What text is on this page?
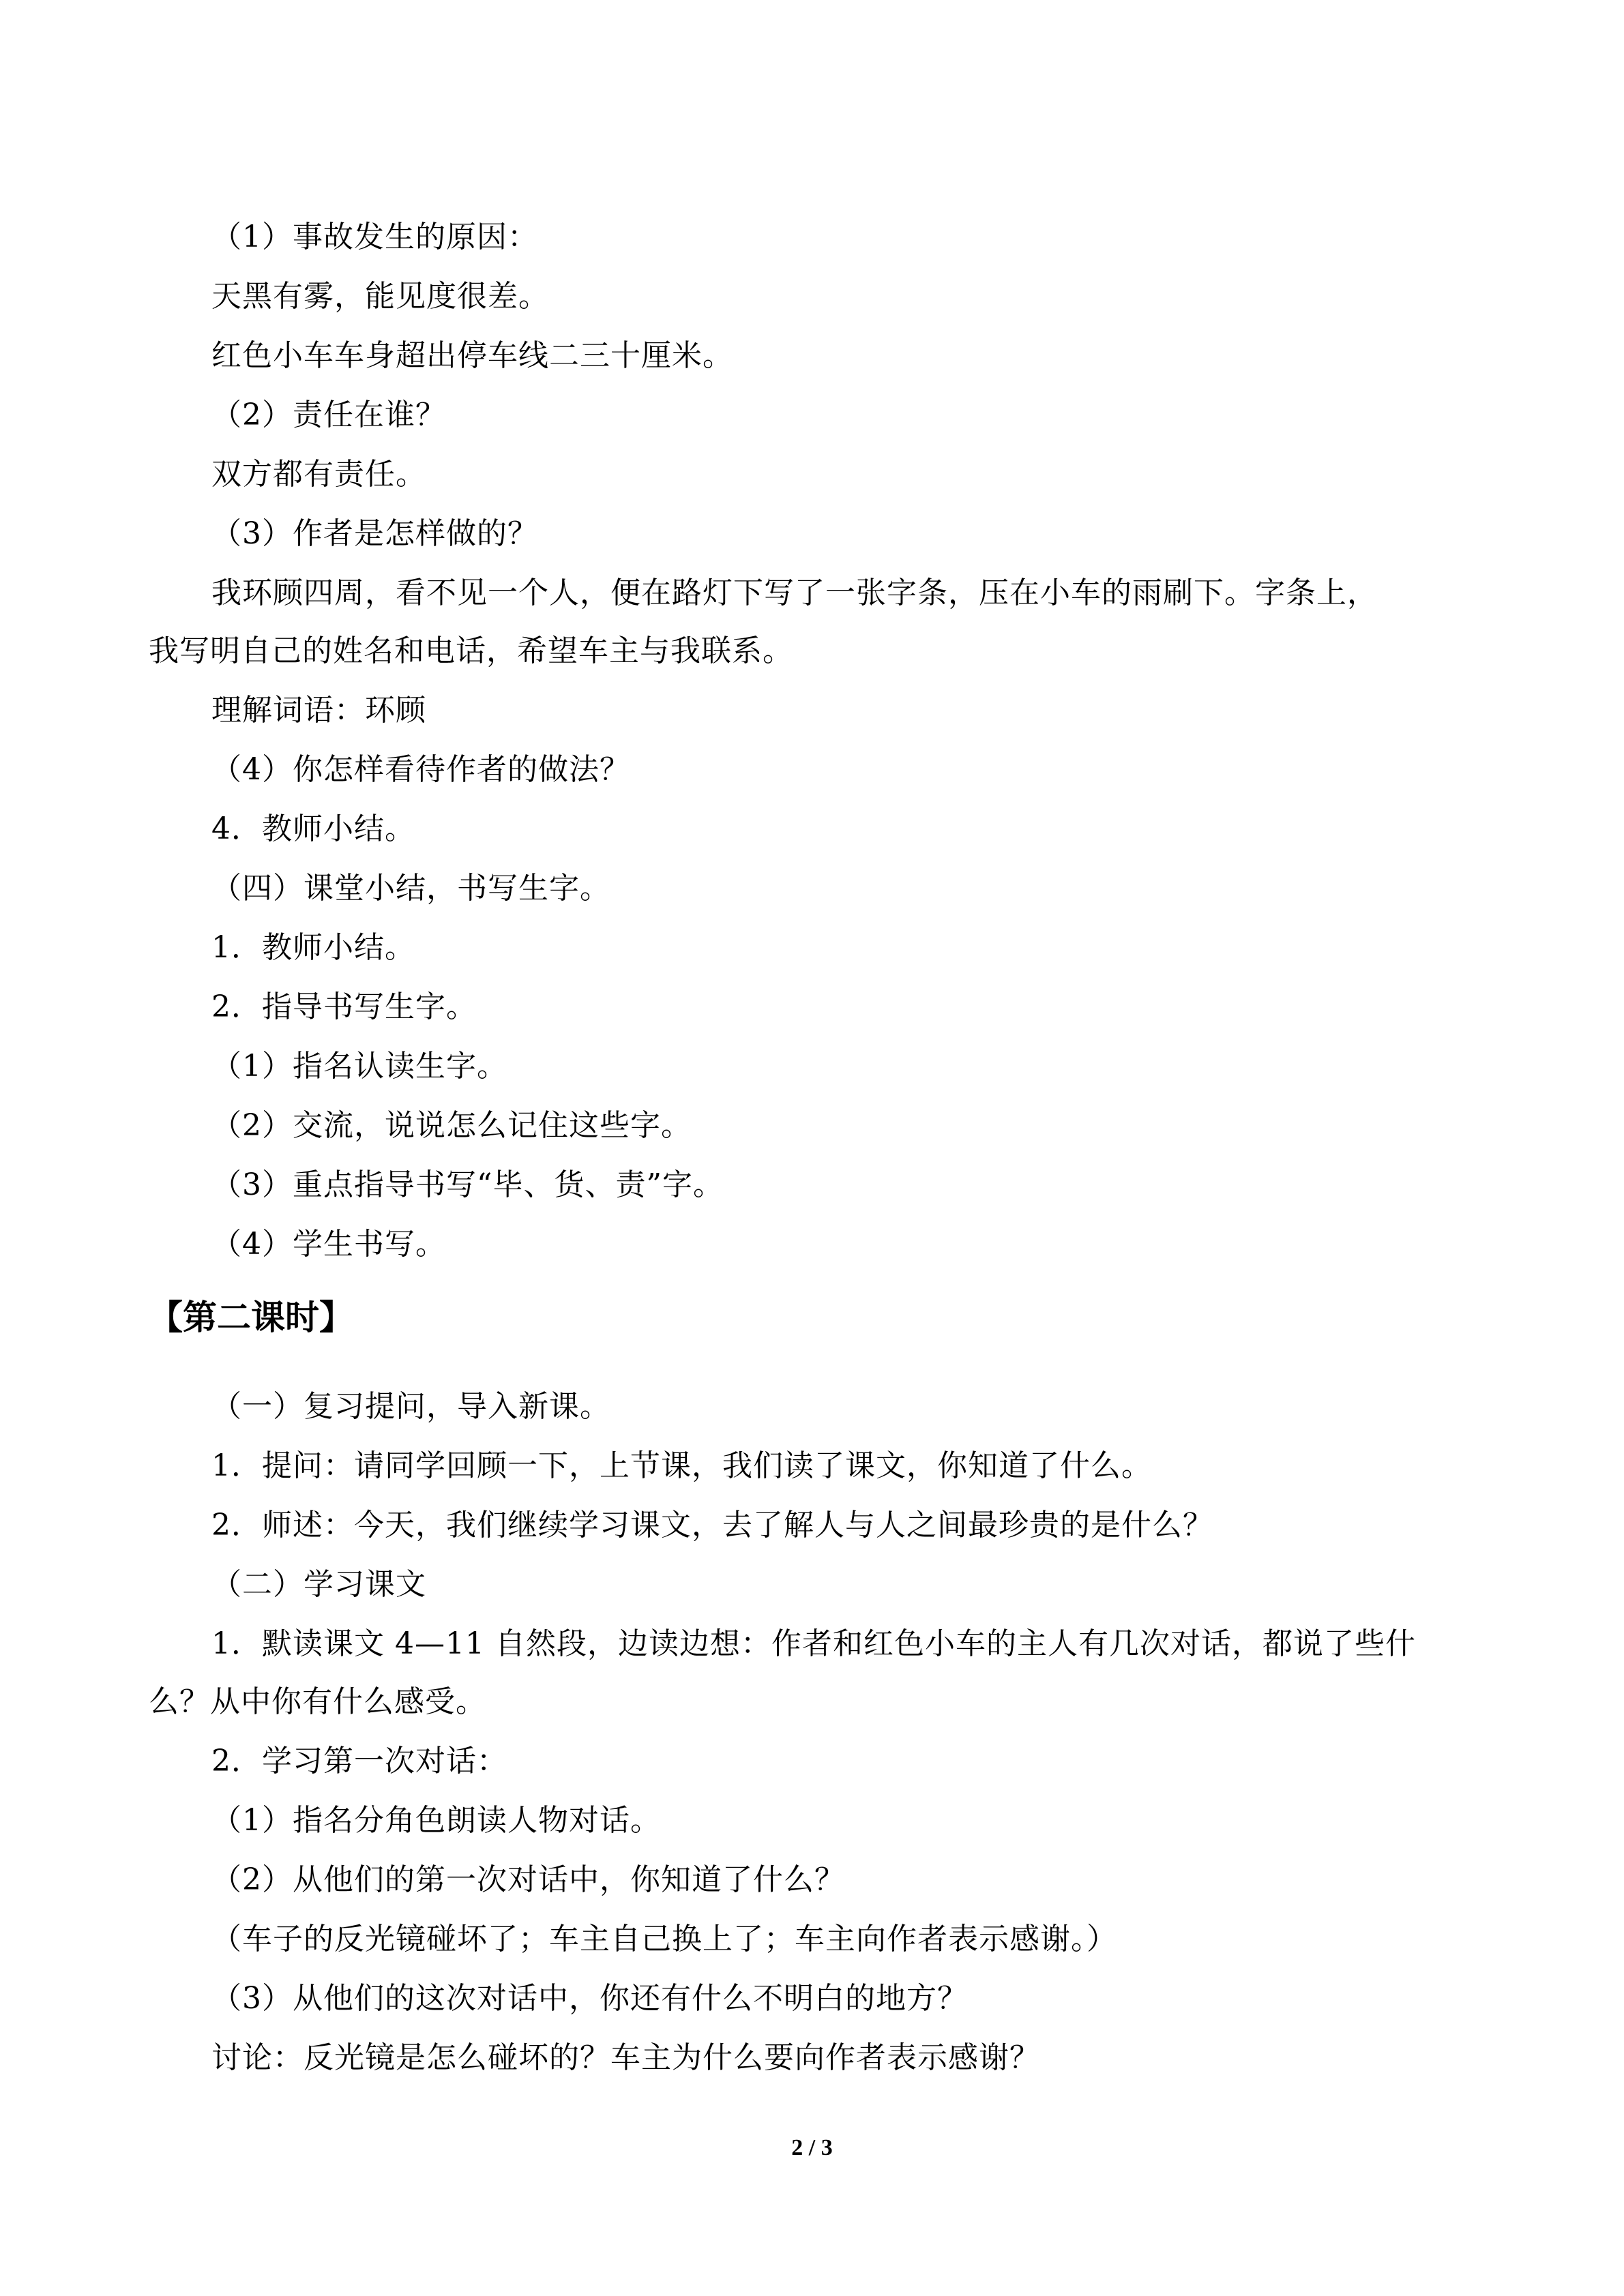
（1）事故发生的原因：
天黑有雾，能见度很差。
红色小车车身超出停车线二三十厘米。
（2）责任在谁？
双方都有责任。
（3）作者是怎样做的？
我环顾四周，看不见一个人，便在路灯下写了一张字条，压在小车的雨刷下。字条上，
我写明自己的姓名和电话，希望车主与我联系。
理解词语：环顾
（4）你怎样看待作者的做法？
4．教师小结。
（四）课堂小结，书写生字。
1．教师小结。
2．指导书写生字。
（1）指名认读生字。
（2）交流，说说怎么记住这些字。
（3）重点指导书写“毕、货、责”字。
（4）学生书写。
【第二课时】
（一）复习提问，导入新课。
1．提问：请同学回顾一下，上节课，我们读了课文，你知道了什么。
2．师述：今天，我们继续学习课文，去了解人与人之间最珍贵的是什么？
（二）学习课文
1．默读课文 4—11 自然段，边读边想：作者和红色小车的主人有几次对话，都说了些什
么？从中你有什么感受。
2．学习第一次对话：
（1）指名分角色朗读人物对话。
（2）从他们的第一次对话中，你知道了什么？
（车子的反光镜碰坏了；车主自己换上了；车主向作者表示感谢。）
（3）从他们的这次对话中，你还有什么不明白的地方？
讨论：反光镜是怎么碰坏的？车主为什么要向作者表示感谢？
2 / 3
